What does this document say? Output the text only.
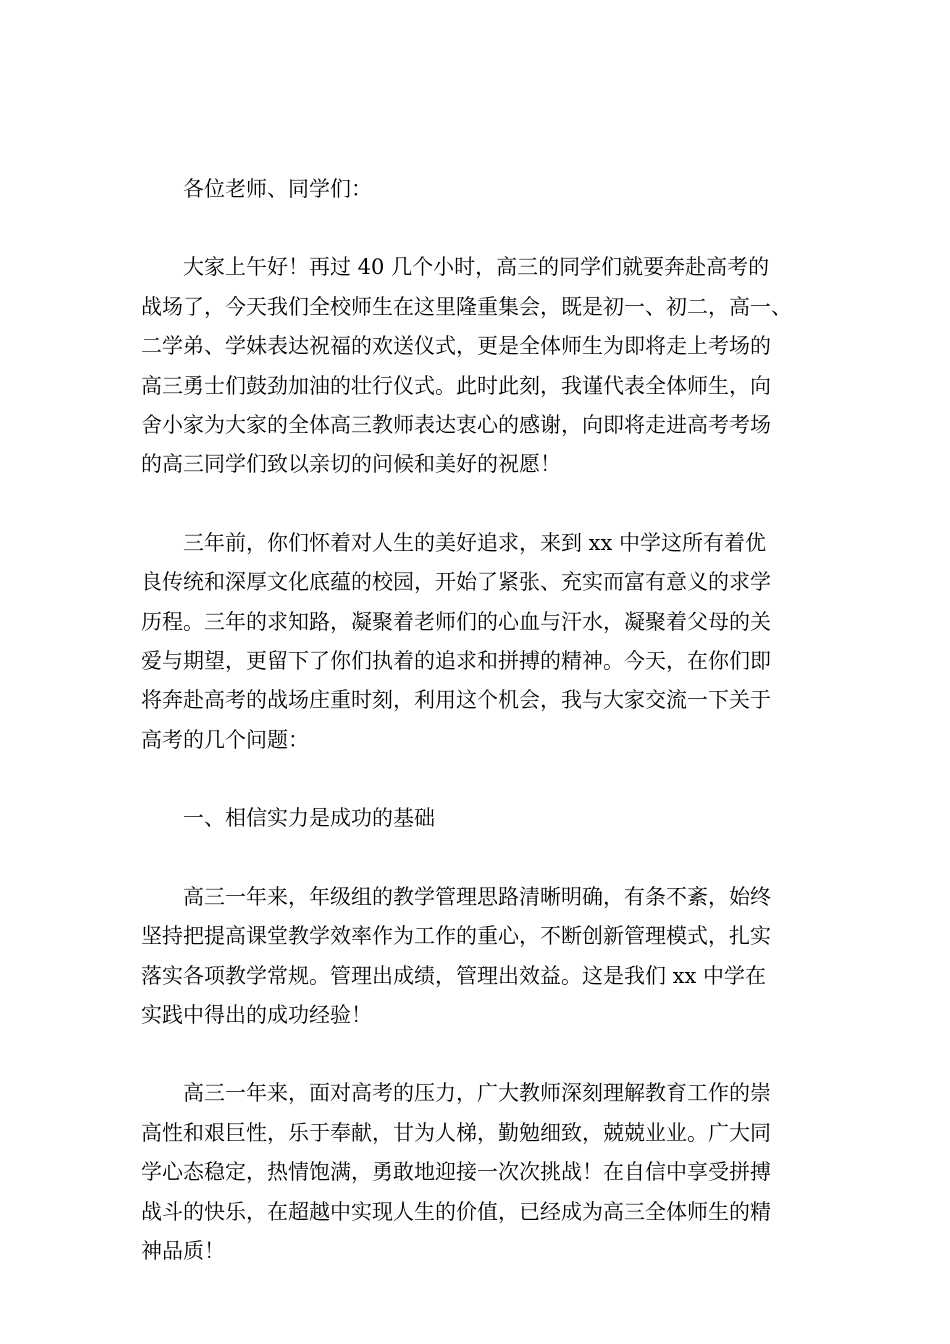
各位老师、同学们：

大家上午好！再过 40 几个小时，高三的同学们就要奔赴高考的
战场了，今天我们全校师生在这里隆重集会，既是初一、初二，高一、
二学弟、学妹表达祝福的欢送仪式，更是全体师生为即将走上考场的
高三勇士们鼓劲加油的壮行仪式。此时此刻，我谨代表全体师生，向
舍小家为大家的全体高三教师表达衷心的感谢，向即将走进高考考场
的高三同学们致以亲切的问候和美好的祝愿！

三年前，你们怀着对人生的美好追求，来到 xx 中学这所有着优
良传统和深厚文化底蕴的校园，开始了紧张、充实而富有意义的求学
历程。三年的求知路，凝聚着老师们的心血与汗水，凝聚着父母的关
爱与期望，更留下了你们执着的追求和拼搏的精神。今天，在你们即
将奔赴高考的战场庄重时刻，利用这个机会，我与大家交流一下关于
高考的几个问题：

一、相信实力是成功的基础

高三一年来，年级组的教学管理思路清晰明确，有条不紊，始终
坚持把提高课堂教学效率作为工作的重心，不断创新管理模式，扎实
落实各项教学常规。管理出成绩，管理出效益。这是我们 xx 中学在
实践中得出的成功经验！

高三一年来，面对高考的压力，广大教师深刻理解教育工作的崇
高性和艰巨性，乐于奉献，甘为人梯，勤勉细致，兢兢业业。广大同
学心态稳定，热情饱满，勇敢地迎接一次次挑战！在自信中享受拼搏
战斗的快乐，在超越中实现人生的价值，已经成为高三全体师生的精
神品质！
